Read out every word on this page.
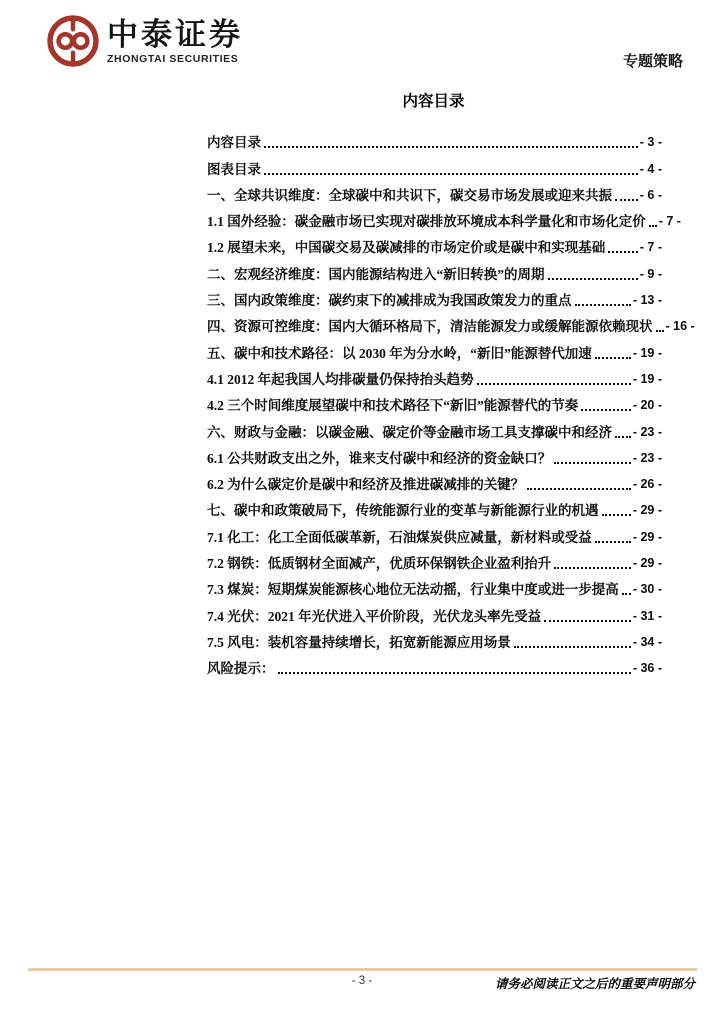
中泰证券
ZHONGTAI SECURITIES	专题策略
内容目录
内容目录	- 3 -
图表目录	- 4 -
一、全球共识维度：全球碳中和共识下，碳交易市场发展或迎来共振 - 6 -
1.1 国外经验：碳金融市场已实现对碳排放环境成本科学量化和市场化定价 - 7 -
1.2 展望未来，中国碳交易及碳减排的市场定价或是碳中和实现基础	- 7 -
二、宏观经济维度：国内能源结构进入“新旧转换”的周期	- 9 -
三、国内政策维度：碳约束下的减排成为我国政策发力的重点	- 13 -
四、资源可控维度：国内大循环格局下，清洁能源发力或缓解能源依赖现状 - 16 -
五、碳中和技术路径：以 2030 年为分水岭，“新旧”能源替代加速	- 19 -
4.1 2012 年起我国人均排碳量仍保持抬头趋势	- 19 -
4.2 三个时间维度展望碳中和技术路径下“新旧”能源替代的节奏	- 20 -
六、财政与金融：以碳金融、碳定价等金融市场工具支撑碳中和经济 - 23 -
6.1 公共财政支出之外，谁来支付碳中和经济的资金缺口？	- 23 -
6.2 为什么碳定价是碳中和经济及推进碳减排的关键？	- 26 -
七、碳中和政策破局下，传统能源行业的变革与新能源行业的机遇	- 29 -
7.1 化工：化工全面低碳革新，石油煤炭供应减量，新材料或受益	- 29 -
7.2 钢铁：低质钢材全面减产，优质环保钢铁企业盈利抬升	- 29 -
7.3 煤炭：短期煤炭能源核心地位无法动摇，行业集中度或进一步提高 - 30 -
7.4 光伏：2021 年光伏进入平价阶段，光伏龙头率先受益	- 31 -
7.5 风电：装机容量持续增长，拓宽新能源应用场景	- 34 -
风险提示：	- 36 -
- 3 -	请务必阅读正文之后的重要声明部分
